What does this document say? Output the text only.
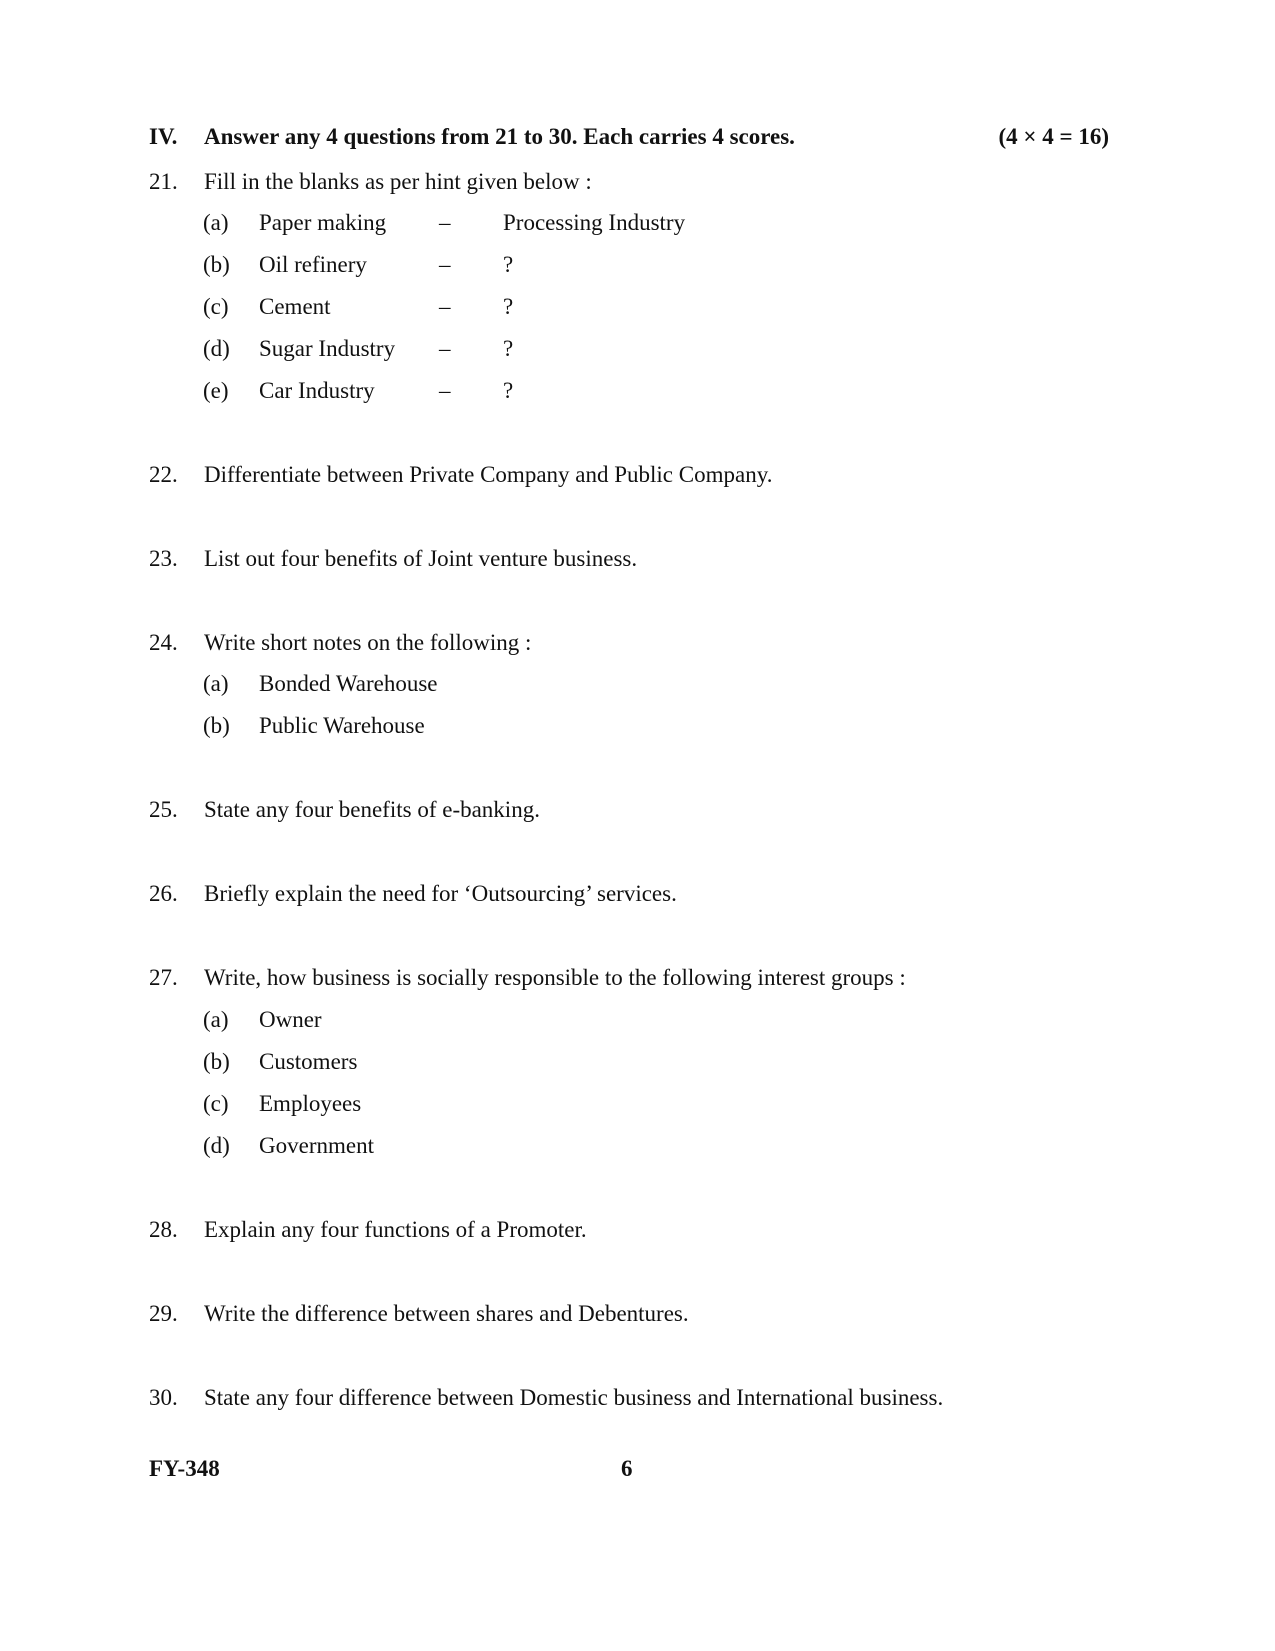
IV.	Answer any 4 questions from 21 to 30. Each carries 4 scores.	(4 × 4 = 16)
21.	Fill in the blanks as per hint given below :
(a)	Paper making	–	Processing Industry
(b)	Oil refinery	–	?
(c)	Cement	–	?
(d)	Sugar Industry	–	?
(e)	Car Industry	–	?
22.	Differentiate between Private Company and Public Company.
23.	List out four benefits of Joint venture business.
24.	Write short notes on the following :
(a)	Bonded Warehouse
(b)	Public Warehouse
25.	State any four benefits of e-banking.
26.	Briefly explain the need for ‘Outsourcing’ services.
27.	Write, how business is socially responsible to the following interest groups :
(a)	Owner
(b)	Customers
(c)	Employees
(d)	Government
28.	Explain any four functions of a Promoter.
29.	Write the difference between shares and Debentures.
30.	State any four difference between Domestic business and International business.
FY-348	6
